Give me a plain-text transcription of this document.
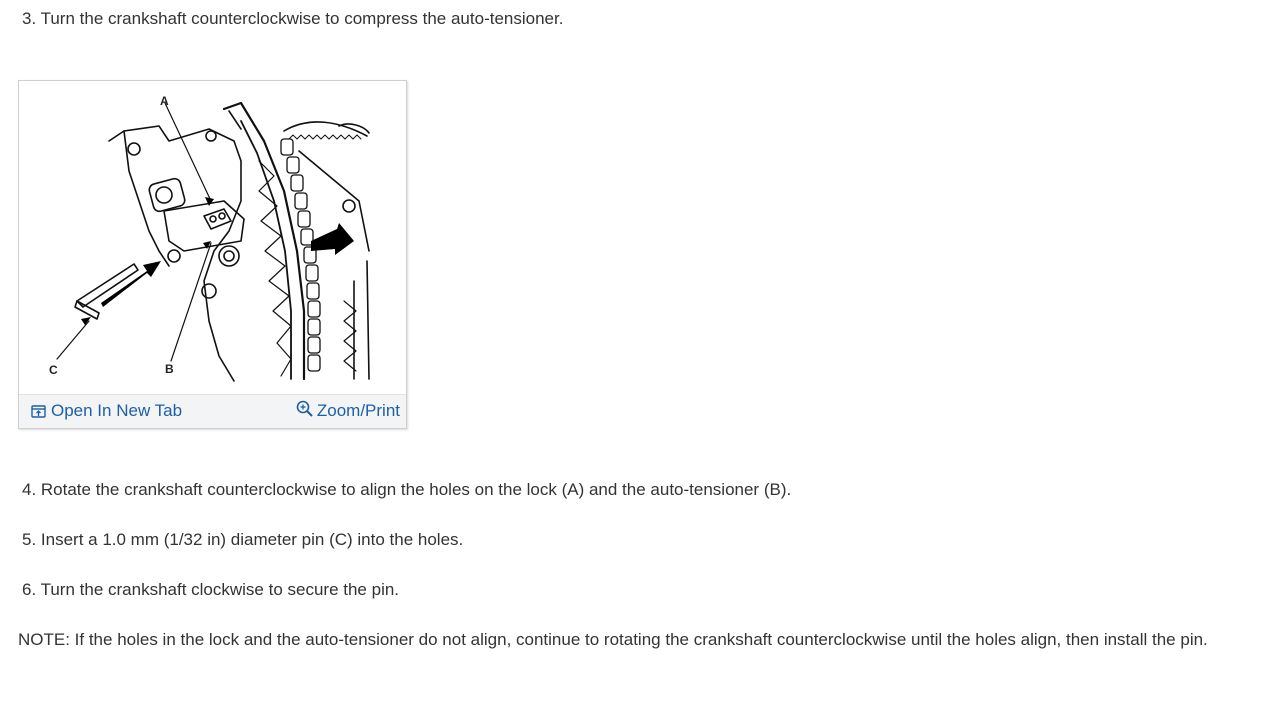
3. Turn the crankshaft counterclockwise to compress the auto-tensioner.
A
B
C
Open In New Tab	Zoom/Print
4. Rotate the crankshaft counterclockwise to align the holes on the lock (A) and the auto-tensioner (B).
5. Insert a 1.0 mm (1/32 in) diameter pin (C) into the holes.
6. Turn the crankshaft clockwise to secure the pin.
NOTE: If the holes in the lock and the auto-tensioner do not align, continue to rotating the crankshaft counterclockwise until the holes align, then install the pin.
